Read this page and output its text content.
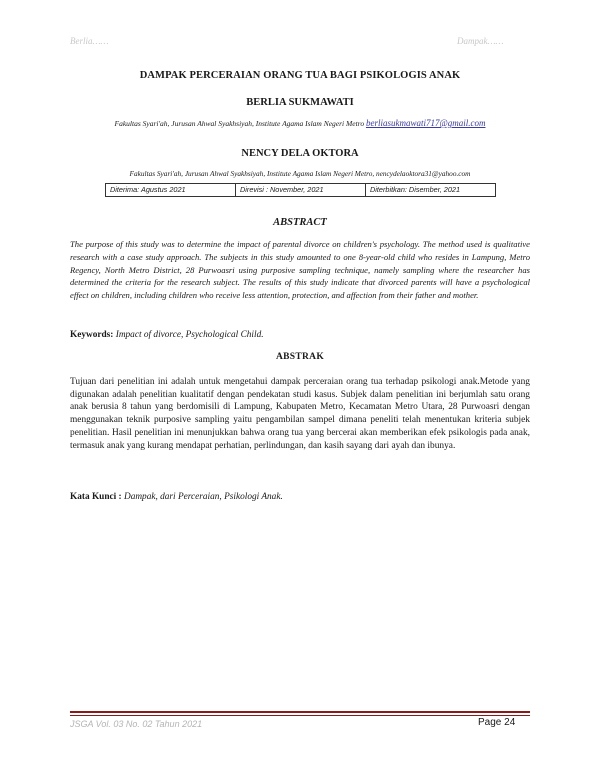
Berlia……	Dampak……
DAMPAK PERCERAIAN ORANG TUA BAGI PSIKOLOGIS ANAK
BERLIA SUKMAWATI
Fakultas Syari'ah, Jurusan Ahwal Syakhsiyah, Institute Agama Islam Negeri Metro berliasukmawati717@gmail.com
NENCY DELA OKTORA
Fakultas Syari'ah, Jurusan Ahwal Syakhsiyah, Institute Agama Islam Negeri Metro, nencydelaoktora31@yahoo.com
Diterima: Agustus 2021	Direvisi : November, 2021	Diterbitkan: Disember, 2021
ABSTRACT
The purpose of this study was to determine the impact of parental divorce on children's psychology. The method used is qualitative research with a case study approach. The subjects in this study amounted to one 8-year-old child who resides in Lampung, Metro Regency, North Metro District, 28 Purwoasri using purposive sampling technique, namely sampling where the researcher has determined the criteria for the research subject. The results of this study indicate that divorced parents will have a psychological effect on children, including children who receive less attention, protection, and affection from their father and mother.
Keywords: Impact of divorce, Psychological Child.
ABSTRAK
Tujuan dari penelitian ini adalah untuk mengetahui dampak perceraian orang tua terhadap psikologi anak.Metode yang digunakan adalah penelitian kualitatif dengan pendekatan studi kasus. Subjek dalam penelitian ini berjumlah satu orang anak berusia 8 tahun yang berdomisili di Lampung, Kabupaten Metro, Kecamatan Metro Utara, 28 Purwoasri dengan menggunakan teknik purposive sampling yaitu pengambilan sampel dimana peneliti telah menentukan kriteria subjek penelitian. Hasil penelitian ini menunjukkan bahwa orang tua yang bercerai akan memberikan efek psikologis pada anak, termasuk anak yang kurang mendapat perhatian, perlindungan, dan kasih sayang dari ayah dan ibunya.
Kata Kunci : Dampak, dari Perceraian, Psikologi Anak.
JSGA Vol. 03 No. 02 Tahun 2021	Page 24
